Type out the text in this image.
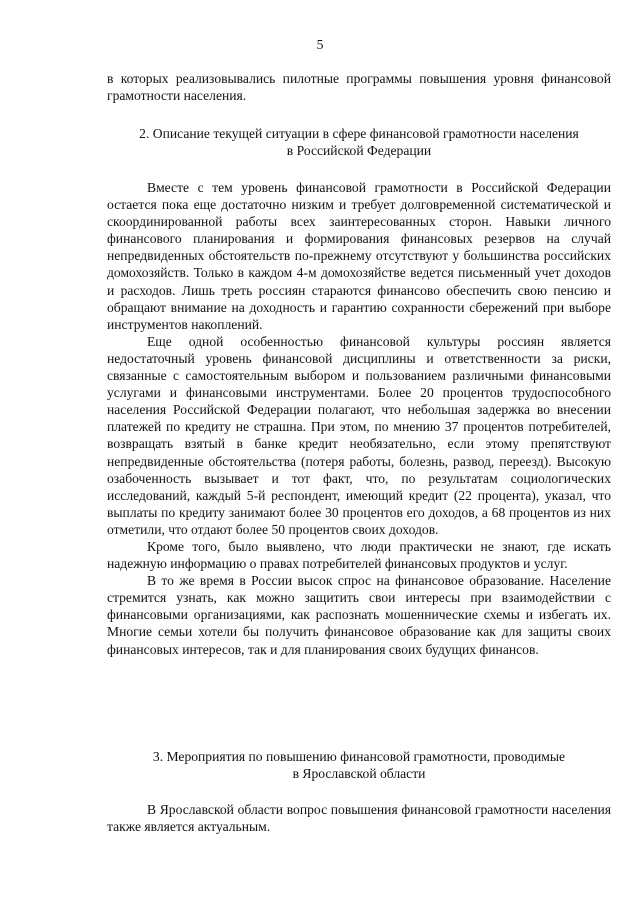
5

в которых реализовывались пилотные программы повышения уровня финансовой грамотности населения.

2. Описание текущей ситуации в сфере финансовой грамотности населения
в Российской Федерации

Вместе с тем уровень финансовой грамотности в Российской Федерации остается пока еще достаточно низким и требует долговременной систематической и скоординированной работы всех заинтересованных сторон. Навыки личного финансового планирования и формирования финансовых резервов на случай непредвиденных обстоятельств по-прежнему отсутствуют у большинства российских домохозяйств. Только в каждом 4-м домохозяйстве ведется письменный учет доходов и расходов. Лишь треть россиян стараются финансово обеспечить свою пенсию и обращают внимание на доходность и гарантию сохранности сбережений при выборе инструментов накоплений.

Еще одной особенностью финансовой культуры россиян является недостаточный уровень финансовой дисциплины и ответственности за риски, связанные с самостоятельным выбором и пользованием различными финансовыми услугами и финансовыми инструментами. Более 20 процентов трудоспособного населения Российской Федерации полагают, что небольшая задержка во внесении платежей по кредиту не страшна. При этом, по мнению 37 процентов потребителей, возвращать взятый в банке кредит необязательно, если этому препятствуют непредвиденные обстоятельства (потеря работы, болезнь, развод, переезд). Высокую озабоченность вызывает и тот факт, что, по результатам социологических исследований, каждый 5-й респондент, имеющий кредит (22 процента), указал, что выплаты по кредиту занимают более 30 процентов его доходов, а 68 процентов из них отметили, что отдают более 50 процентов своих доходов.

Кроме того, было выявлено, что люди практически не знают, где искать надежную информацию о правах потребителей финансовых продуктов и услуг.

В то же время в России высок спрос на финансовое образование. Население стремится узнать, как можно защитить свои интересы при взаимодействии с финансовыми организациями, как распознать мошеннические схемы и избегать их. Многие семьи хотели бы получить финансовое образование как для защиты своих финансовых интересов, так и для планирования своих будущих финансов.

3. Мероприятия по повышению финансовой грамотности, проводимые
в Ярославской области

В Ярославской области вопрос повышения финансовой грамотности населения также является актуальным.
